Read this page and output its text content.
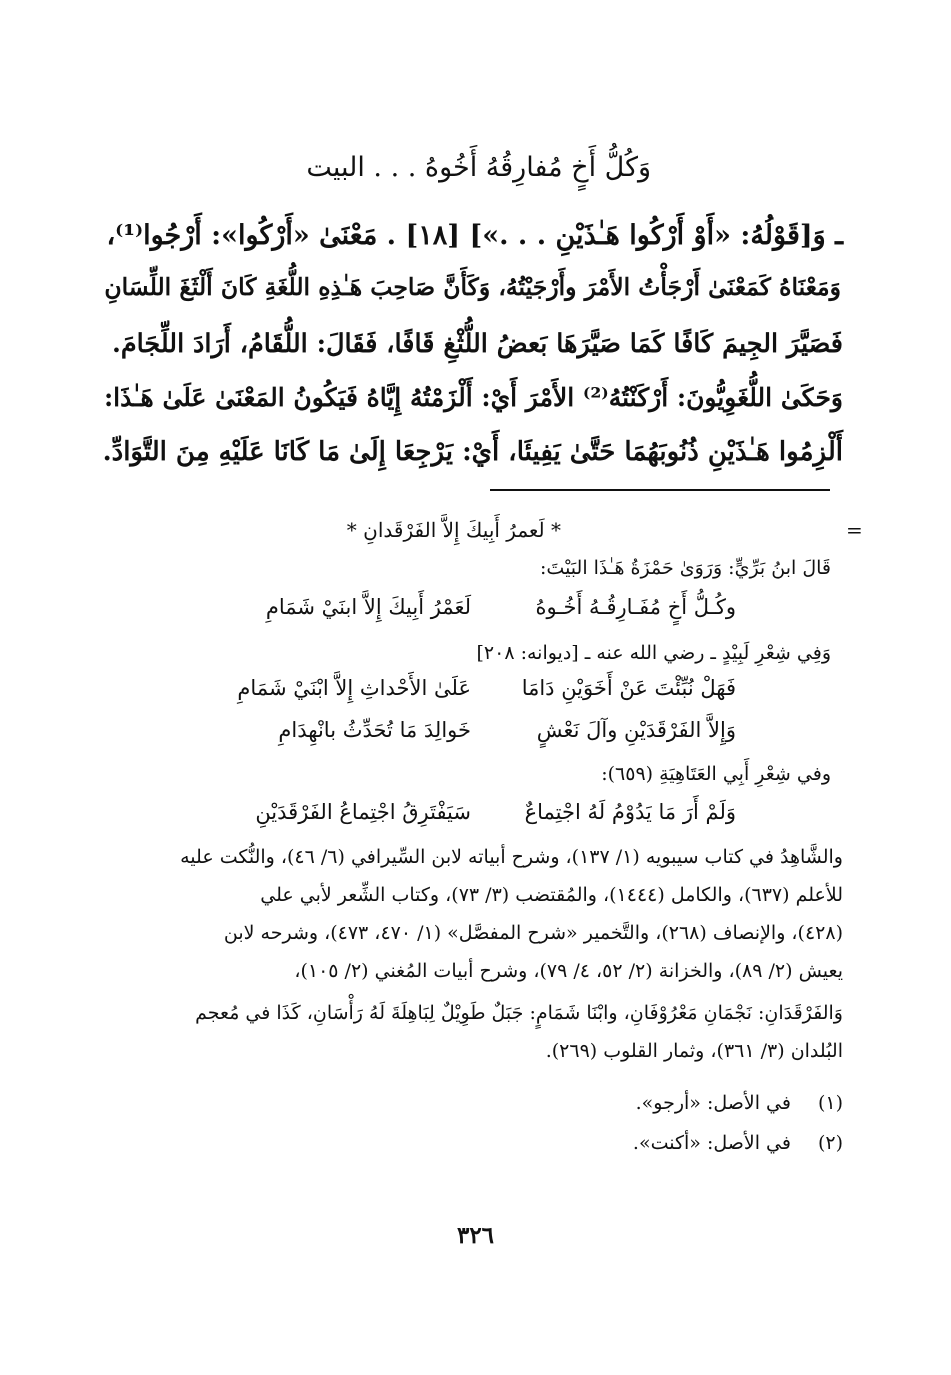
وَكُلُّ أَخٍ مُفارِقُهُ أَخُوهُ . . . البيت
ـ وَ[قَوْلُهُ: «أَوْ أَرْكُوا هَـٰذَيْنِ . . .»] [١٨] . مَعْنَىٰ «أَرْكُوا»: أَرْجُوا⁽¹⁾،
وَمَعْنَاهُ كَمَعْنَىٰ أَرْجَأْتُ الأَمْرَ وأَرْجَيْتُهُ، وَكَأَنَّ صَاحِبَ هَـٰذِهِ اللُّغَةِ كَانَ أَلْثَغَ اللِّسَانِ
فَصَيَّرَ الجِيمَ كَافًا كَمَا صَيَّرَهَا بَعضُ اللُّثْغِ قَافًا، فَقَالَ: اللُّقَامُ، أَرَادَ اللِّجَامَ.
وَحَكَىٰ اللُّغَوِيُّونَ: أَرْكَنْتُهُ⁽²⁾ الأَمْرَ أَيْ: أَلْزَمْتُهُ إِيَّاهُ فَيَكُونُ المَعْنَىٰ عَلَىٰ هَـٰذَا:
أَلْزِمُوا هَـٰذَيْنِ ذُنُوبَهُمَا حَتَّىٰ يَفِيئَا، أَيْ: يَرْجِعَا إِلَىٰ مَا كَانَا عَلَيْهِ مِنَ التَّوَادِّ.
=
* لَعمرُ أَبِيكَ إِلاَّ الفَرْقَدانِ *
قَالَ ابنُ بَرِّيٍّ: وَرَوَىٰ حَمْزَةُ هَـٰذَا البَيْتَ:
وكُـلُّ أَخٍ مُفَـارِقُـهُ أَخُـوهُ
لَعَمْرُ أَبِيكَ إِلاَّ ابنَيْ شَمَامِ
وَفِي شِعْرِ لَبِيْدٍ ـ رضي الله عنه ـ [ديوانه: ٢٠٨]
فَهَلْ نُبِّئْتَ عَنْ أَخَوَيْنِ دَامَا
عَلَىٰ الأَحْداثِ إِلاَّ ابْنَيْ شَمَامِ
وَإِلاَّ الفَرْقَدَيْنِ وآلَ نَعْشٍ
خَوالِدَ مَا تُحَدِّثُ بانْهِدَامِ
وفي شِعْرِ أَبِي العَتَاهِيَةِ (٦٥٩):
وَلَمْ أَرَ مَا يَدُوْمُ لَهُ اجْتِماعٌ
سَيَفْتَرِقُ اجْتِماعُ الفَرْقَدَيْنِ
والشَّاهِدُ في كتاب سيبويه (١/ ١٣٧)، وشرح أبياته لابن السِّيرافي (٦/ ٤٦)، والنُّكت عليه
للأعلم (٦٣٧)، والكامل (١٤٤٤)، والمُقتضب (٣/ ٧٣)، وكتاب الشِّعر لأبي علي
(٤٢٨)، والإنصاف (٢٦٨)، والتَّخمير «شرح المفصَّل» (١/ ٤٧٠، ٤٧٣)، وشرحه لابن
يعيش (٢/ ٨٩)، والخزانة (٢/ ٥٢، ٤/ ٧٩)، وشرح أبيات المُغني (٢/ ١٠٥)،
وَالفَرْقَدَانِ: نَجْمَانِ مَعْرُوْفَانِ، وابْنَا شَمَامٍ: جَبَلٌ طَوِيْلٌ لِبَاهِلَةَ لَهُ رَأْسَانِ، كَذَا في مُعجم
البُلدان (٣/ ٣٦١)، وثمار القلوب (٢٦٩).
(١) في الأصل: «أرجو».
(٢) في الأصل: «أكنت».
٣٢٦
